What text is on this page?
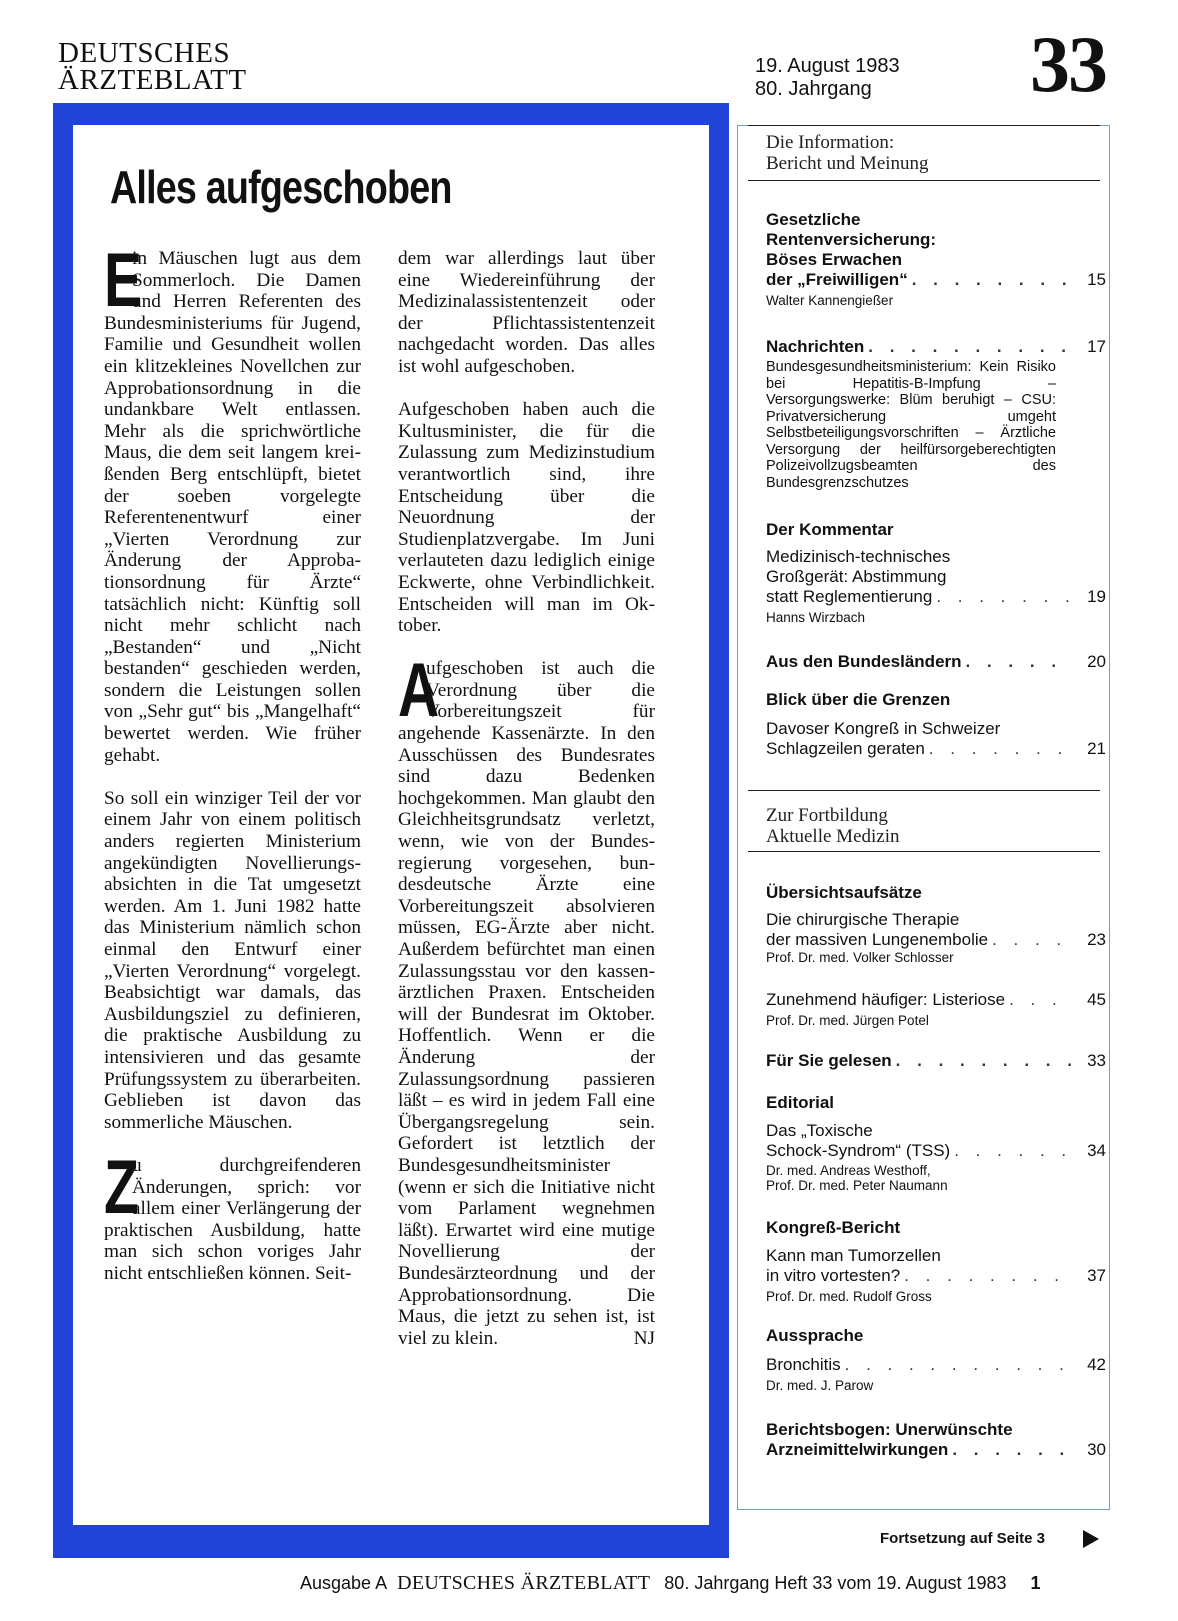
DEUTSCHES
ÄRZTEBLATT	19. August 1983
80. Jahrgang	33
Alles aufgeschoben

E
in Mäuschen lugt aus dem Sommerloch. Die Damen und Herren Referenten des Bundesministeriums für Jugend, Familie und Gesundheit wollen ein klitzekleines Novellchen zur Approbationsordnung in die undankbare Welt entlassen. Mehr als die sprichwörtliche Maus, die dem seit langem kreißenden Berg entschlüpft, bietet der soeben vorgelegte Referentenentwurf einer „Vierten Verordnung zur Änderung der Approbationsordnung für Ärzte“ tatsächlich nicht: Künftig soll nicht mehr schlicht nach „Bestanden“ und „Nicht bestanden“ geschieden werden, sondern die Leistungen sollen von „Sehr gut“ bis „Mangelhaft“ bewertet werden. Wie früher gehabt.

So soll ein winziger Teil der vor einem Jahr von einem politisch anders regierten Ministerium angekündigten Novellierungsabsichten in die Tat umgesetzt werden. Am 1. Juni 1982 hatte das Ministerium nämlich schon einmal den Entwurf einer „Vierten Verordnung“ vorgelegt. Beabsichtigt war damals, das Ausbildungsziel zu definieren, die praktische Ausbildung zu intensivieren und das gesamte Prüfungssystem zu überarbeiten. Geblieben ist davon das sommerliche Mäuschen.

Z
u durchgreifenderen Änderungen, sprich: vor allem einer Verlängerung der praktischen Ausbildung, hatte man sich schon voriges Jahr nicht entschließen können. Seit-

dem war allerdings laut über eine Wiedereinführung der Medizinalassistentenzeit oder der Pflichtassistentenzeit nachgedacht worden. Das alles ist wohl aufgeschoben.

Aufgeschoben haben auch die Kultusminister, die für die Zulassung zum Medizinstudium verantwortlich sind, ihre Entscheidung über die Neuordnung der Studienplatzvergabe. Im Juni verlauteten dazu lediglich einige Eckwerte, ohne Verbindlichkeit. Entscheiden will man im Oktober.

A
ufgeschoben ist auch die Verordnung über die Vorbereitungszeit für angehende Kassenärzte. In den Ausschüssen des Bundesrates sind dazu Bedenken hochgekommen. Man glaubt den Gleichheitsgrundsatz verletzt, wenn, wie von der Bundesregierung vorgesehen, bundesdeutsche Ärzte eine Vorbereitungszeit absolvieren müssen, EG-Ärzte aber nicht. Außerdem befürchtet man einen Zulassungsstau vor den kassenärztlichen Praxen. Entscheiden will der Bundesrat im Oktober. Hoffentlich. Wenn er die Änderung der Zulassungsordnung passieren läßt – es wird in jedem Fall eine Übergangsregelung sein. Gefordert ist letztlich der Bundesgesundheitsminister (wenn er sich die Initiative nicht vom Parlament wegnehmen läßt). Erwartet wird eine mutige Novellierung der Bundesärzteordnung und der Approbationsordnung. Die Maus, die jetzt zu sehen ist, ist viel zu klein.	NJ

Die Information:
Bericht und Meinung
Gesetzliche
Rentenversicherung:
Böses Erwachen
der „Freiwilligen“ . . .	15
Walter Kannengießer
Nachrichten . . .	17
Bundesgesundheitsministerium: Kein Risiko bei Hepatitis-B-Impfung – Versorgungswerke: Blüm beruhigt – CSU: Privatversicherung umgeht Selbstbeteiligungsvorschriften – Ärztliche Versorgung der heilfürsorgeberechtigten Polizeivollzugsbeamten des Bundesgrenzschutzes
Der Kommentar
Medizinisch-technisches
Großgerät: Abstimmung
statt Reglementierung . . .	19
Hanns Wirzbach
Aus den Bundesländern . . .	20
Blick über die Grenzen
Davoser Kongreß in Schweizer
Schlagzeilen geraten . . .	21
Zur Fortbildung
Aktuelle Medizin
Übersichtsaufsätze
Die chirurgische Therapie
der massiven Lungenembolie . . .	23
Prof. Dr. med. Volker Schlosser
Zunehmend häufiger: Listeriose . . .	45
Prof. Dr. med. Jürgen Potel
Für Sie gelesen . . .	33
Editorial
Das „Toxische
Schock-Syndrom“ (TSS) . . .	34
Dr. med. Andreas Westhoff,
Prof. Dr. med. Peter Naumann
Kongreß-Bericht
Kann man Tumorzellen
in vitro vortesten? . . .	37
Prof. Dr. med. Rudolf Gross
Aussprache
Bronchitis . . .	42
Dr. med. J. Parow
Berichtsbogen: Unerwünschte
Arzneimittelwirkungen . . .	30
Fortsetzung auf Seite 3
Ausgabe A DEUTSCHES ÄRZTEBLATT 80. Jahrgang Heft 33 vom 19. August 1983 1
